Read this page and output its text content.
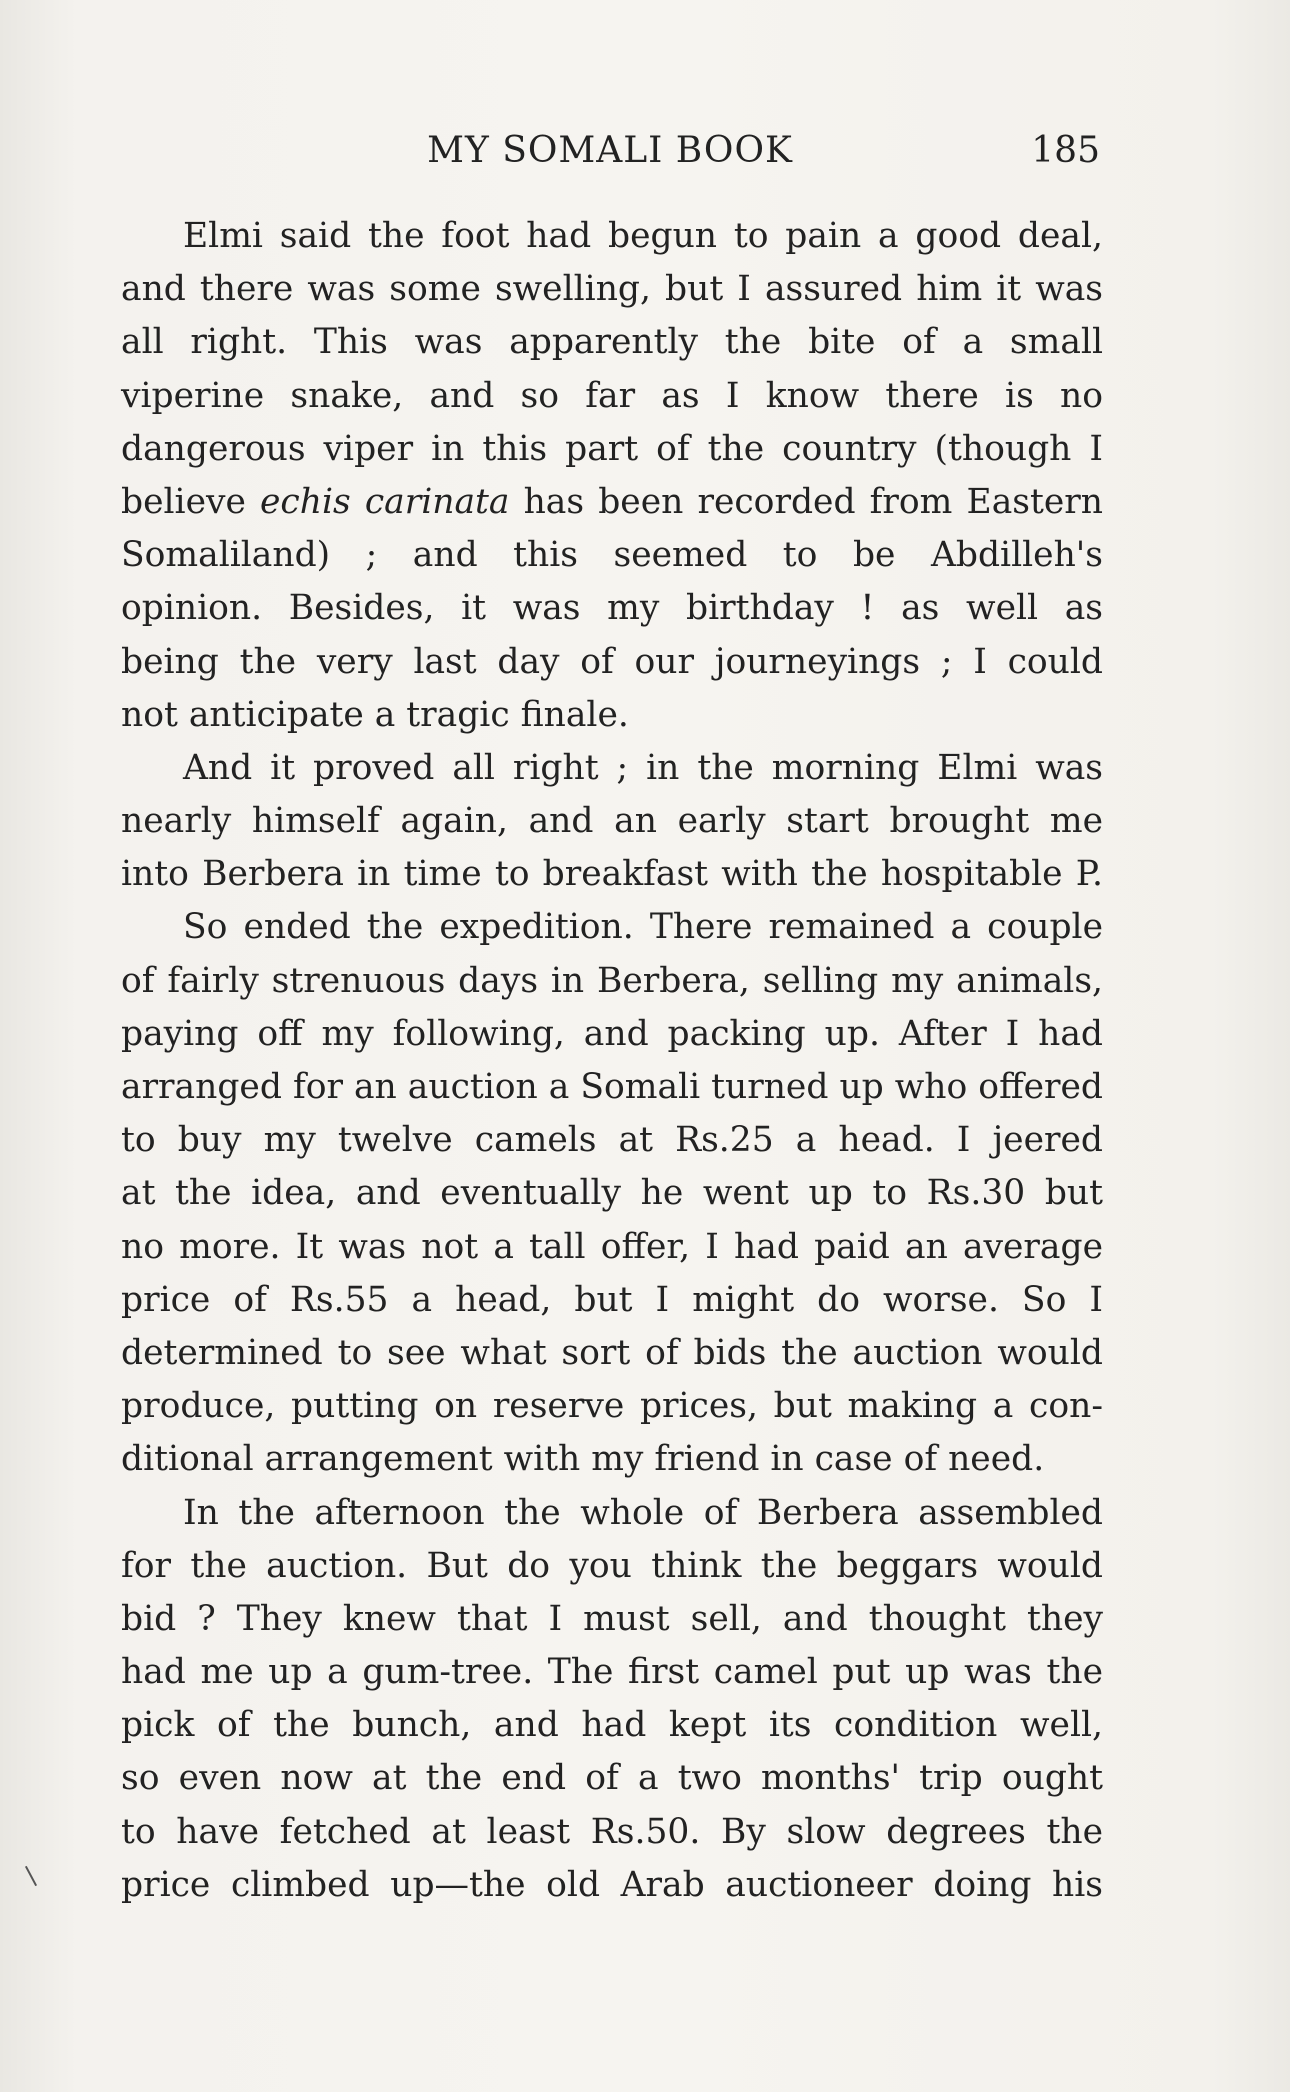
MY SOMALI BOOK	185
Elmi said the foot had begun to pain a good deal,
and there was some swelling, but I assured him it was
all right. This was apparently the bite of a small
viperine snake, and so far as I know there is no
dangerous viper in this part of the country (though I
believe echis carinata has been recorded from Eastern
Somaliland) ; and this seemed to be Abdilleh's
opinion. Besides, it was my birthday ! as well as
being the very last day of our journeyings ; I could
not anticipate a tragic finale.
And it proved all right ; in the morning Elmi was
nearly himself again, and an early start brought me
into Berbera in time to breakfast with the hospitable P.
So ended the expedition. There remained a couple
of fairly strenuous days in Berbera, selling my animals,
paying off my following, and packing up. After I had
arranged for an auction a Somali turned up who offered
to buy my twelve camels at Rs.25 a head. I jeered
at the idea, and eventually he went up to Rs.30 but
no more. It was not a tall offer, I had paid an average
price of Rs.55 a head, but I might do worse. So I
determined to see what sort of bids the auction would
produce, putting on reserve prices, but making a con-
ditional arrangement with my friend in case of need.
In the afternoon the whole of Berbera assembled
for the auction. But do you think the beggars would
bid ? They knew that I must sell, and thought they
had me up a gum-tree. The first camel put up was the
pick of the bunch, and had kept its condition well,
so even now at the end of a two months' trip ought
to have fetched at least Rs.50. By slow degrees the
price climbed up—the old Arab auctioneer doing his
